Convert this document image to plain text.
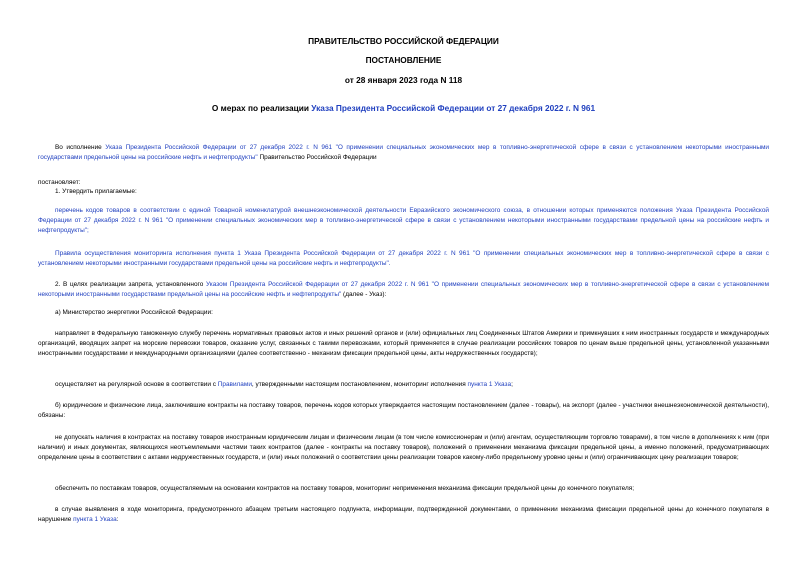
ПРАВИТЕЛЬСТВО РОССИЙСКОЙ ФЕДЕРАЦИИ
ПОСТАНОВЛЕНИЕ
от 28 января 2023 года N 118
О мерах по реализации Указа Президента Российской Федерации от 27 декабря 2022 г. N 961

Во исполнение Указа Президента Российской Федерации от 27 декабря 2022 г. N 961 "О применении специальных экономических мер в топливно-энергетической сфере в связи с установлением некоторыми иностранными государствами предельной цены на российские нефть и нефтепродукты" Правительство Российской Федерации

постановляет:

1. Утвердить прилагаемые:

перечень кодов товаров в соответствии с единой Товарной номенклатурой внешнеэкономической деятельности Евразийского экономического союза, в отношении которых применяются положения Указа Президента Российской Федерации от 27 декабря 2022 г. N 961 "О применении специальных экономических мер в топливно-энергетической сфере в связи с установлением некоторыми иностранными государствами предельной цены на российские нефть и нефтепродукты";

Правила осуществления мониторинга исполнения пункта 1 Указа Президента Российской Федерации от 27 декабря 2022 г. N 961 "О применении специальных экономических мер в топливно-энергетической сфере в связи с установлением некоторыми иностранными государствами предельной цены на российские нефть и нефтепродукты".

2. В целях реализации запрета, установленного Указом Президента Российской Федерации от 27 декабря 2022 г. N 961 "О применении специальных экономических мер в топливно-энергетической сфере в связи с установлением некоторыми иностранными государствами предельной цены на российские нефть и нефтепродукты" (далее - Указ):

а) Министерство энергетики Российской Федерации:

направляет в Федеральную таможенную службу перечень нормативных правовых актов и иных решений органов и (или) официальных лиц Соединенных Штатов Америки и примкнувших к ним иностранных государств и международных организаций, вводящих запрет на морские перевозки товаров, оказание услуг, связанных с такими перевозками, который применяется в случае реализации российских товаров по ценам выше предельной цены, установленной указанными иностранными государствами и международными организациями (далее соответственно - механизм фиксации предельной цены, акты недружественных государств);

осуществляет на регулярной основе в соответствии с Правилами, утвержденными настоящим постановлением, мониторинг исполнения пункта 1 Указа;

б) юридические и физические лица, заключившие контракты на поставку товаров, перечень кодов которых утверждается настоящим постановлением (далее - товары), на экспорт (далее - участники внешнеэкономической деятельности), обязаны:

не допускать наличия в контрактах на поставку товаров иностранным юридическим лицам и физическим лицам (в том числе комиссионерам и (или) агентам, осуществляющим торговлю товарами), в том числе в дополнениях к ним (при наличии) и иных документах, являющихся неотъемлемыми частями таких контрактов (далее - контракты на поставку товаров), положений о применении механизма фиксации предельной цены, а именно положений, предусматривающих определение цены в соответствии с актами недружественных государств, и (или) иных положений о соответствии цены реализации товаров какому-либо предельному уровню цены и (или) ограничивающих цену реализации товаров;

обеспечить по поставкам товаров, осуществляемым на основании контрактов на поставку товаров, мониторинг неприменения механизма фиксации предельной цены до конечного покупателя;

в случае выявления в ходе мониторинга, предусмотренного абзацем третьим настоящего подпункта, информации, подтвержденной документами, о применении механизма фиксации предельной цены до конечного покупателя в нарушение пункта 1 Указа:
